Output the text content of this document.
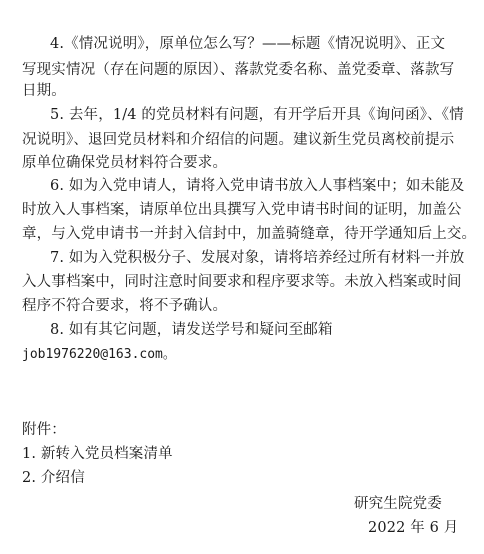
4.《情况说明》，原单位怎么写？——标题《情况说明》、正文
写现实情况（存在问题的原因）、落款党委名称、盖党委章、落款写
日期。
5. 去年，1/4 的党员材料有问题，有开学后开具《询问函》、《情
况说明》、退回党员材料和介绍信的问题。建议新生党员离校前提示
原单位确保党员材料符合要求。
6. 如为入党申请人，请将入党申请书放入人事档案中；如未能及
时放入人事档案，请原单位出具撰写入党申请书时间的证明，加盖公
章，与入党申请书一并封入信封中，加盖骑缝章，待开学通知后上交。
7. 如为入党积极分子、发展对象，请将培养经过所有材料一并放
入人事档案中，同时注意时间要求和程序要求等。未放入档案或时间
程序不符合要求，将不予确认。
8. 如有其它问题，请发送学号和疑问至邮箱
job1976220@163.com。
附件：
1. 新转入党员档案清单
2. 介绍信
研究生院党委
2022 年 6 月
